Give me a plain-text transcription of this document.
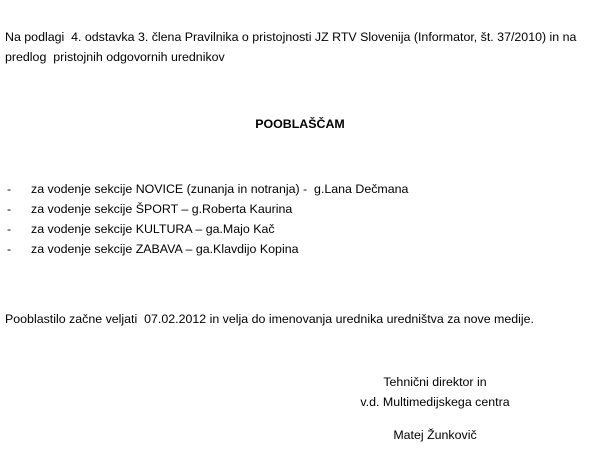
Na podlagi  4. odstavka 3. člena Pravilnika o pristojnosti JZ RTV Slovenija (Informator, št. 37/2010) in na predlog  pristojnih odgovornih urednikov
POOBLAŠČAM

-

za vodenje sekcije NOVICE (zunanja in notranja) -  g.Lana Dečmana

-

za vodenje sekcije ŠPORT – g.Roberta Kaurina

-

za vodenje sekcije KULTURA – ga.Majo Kač

-

za vodenje sekcije ZABAVA – ga.Klavdijo Kopina

Pooblastilo začne veljati  07.02.2012 in velja do imenovanja urednika uredništva za nove medije.
Tehnični direktor in
v.d. Multimedijskega centra
Matej Žunkovič
